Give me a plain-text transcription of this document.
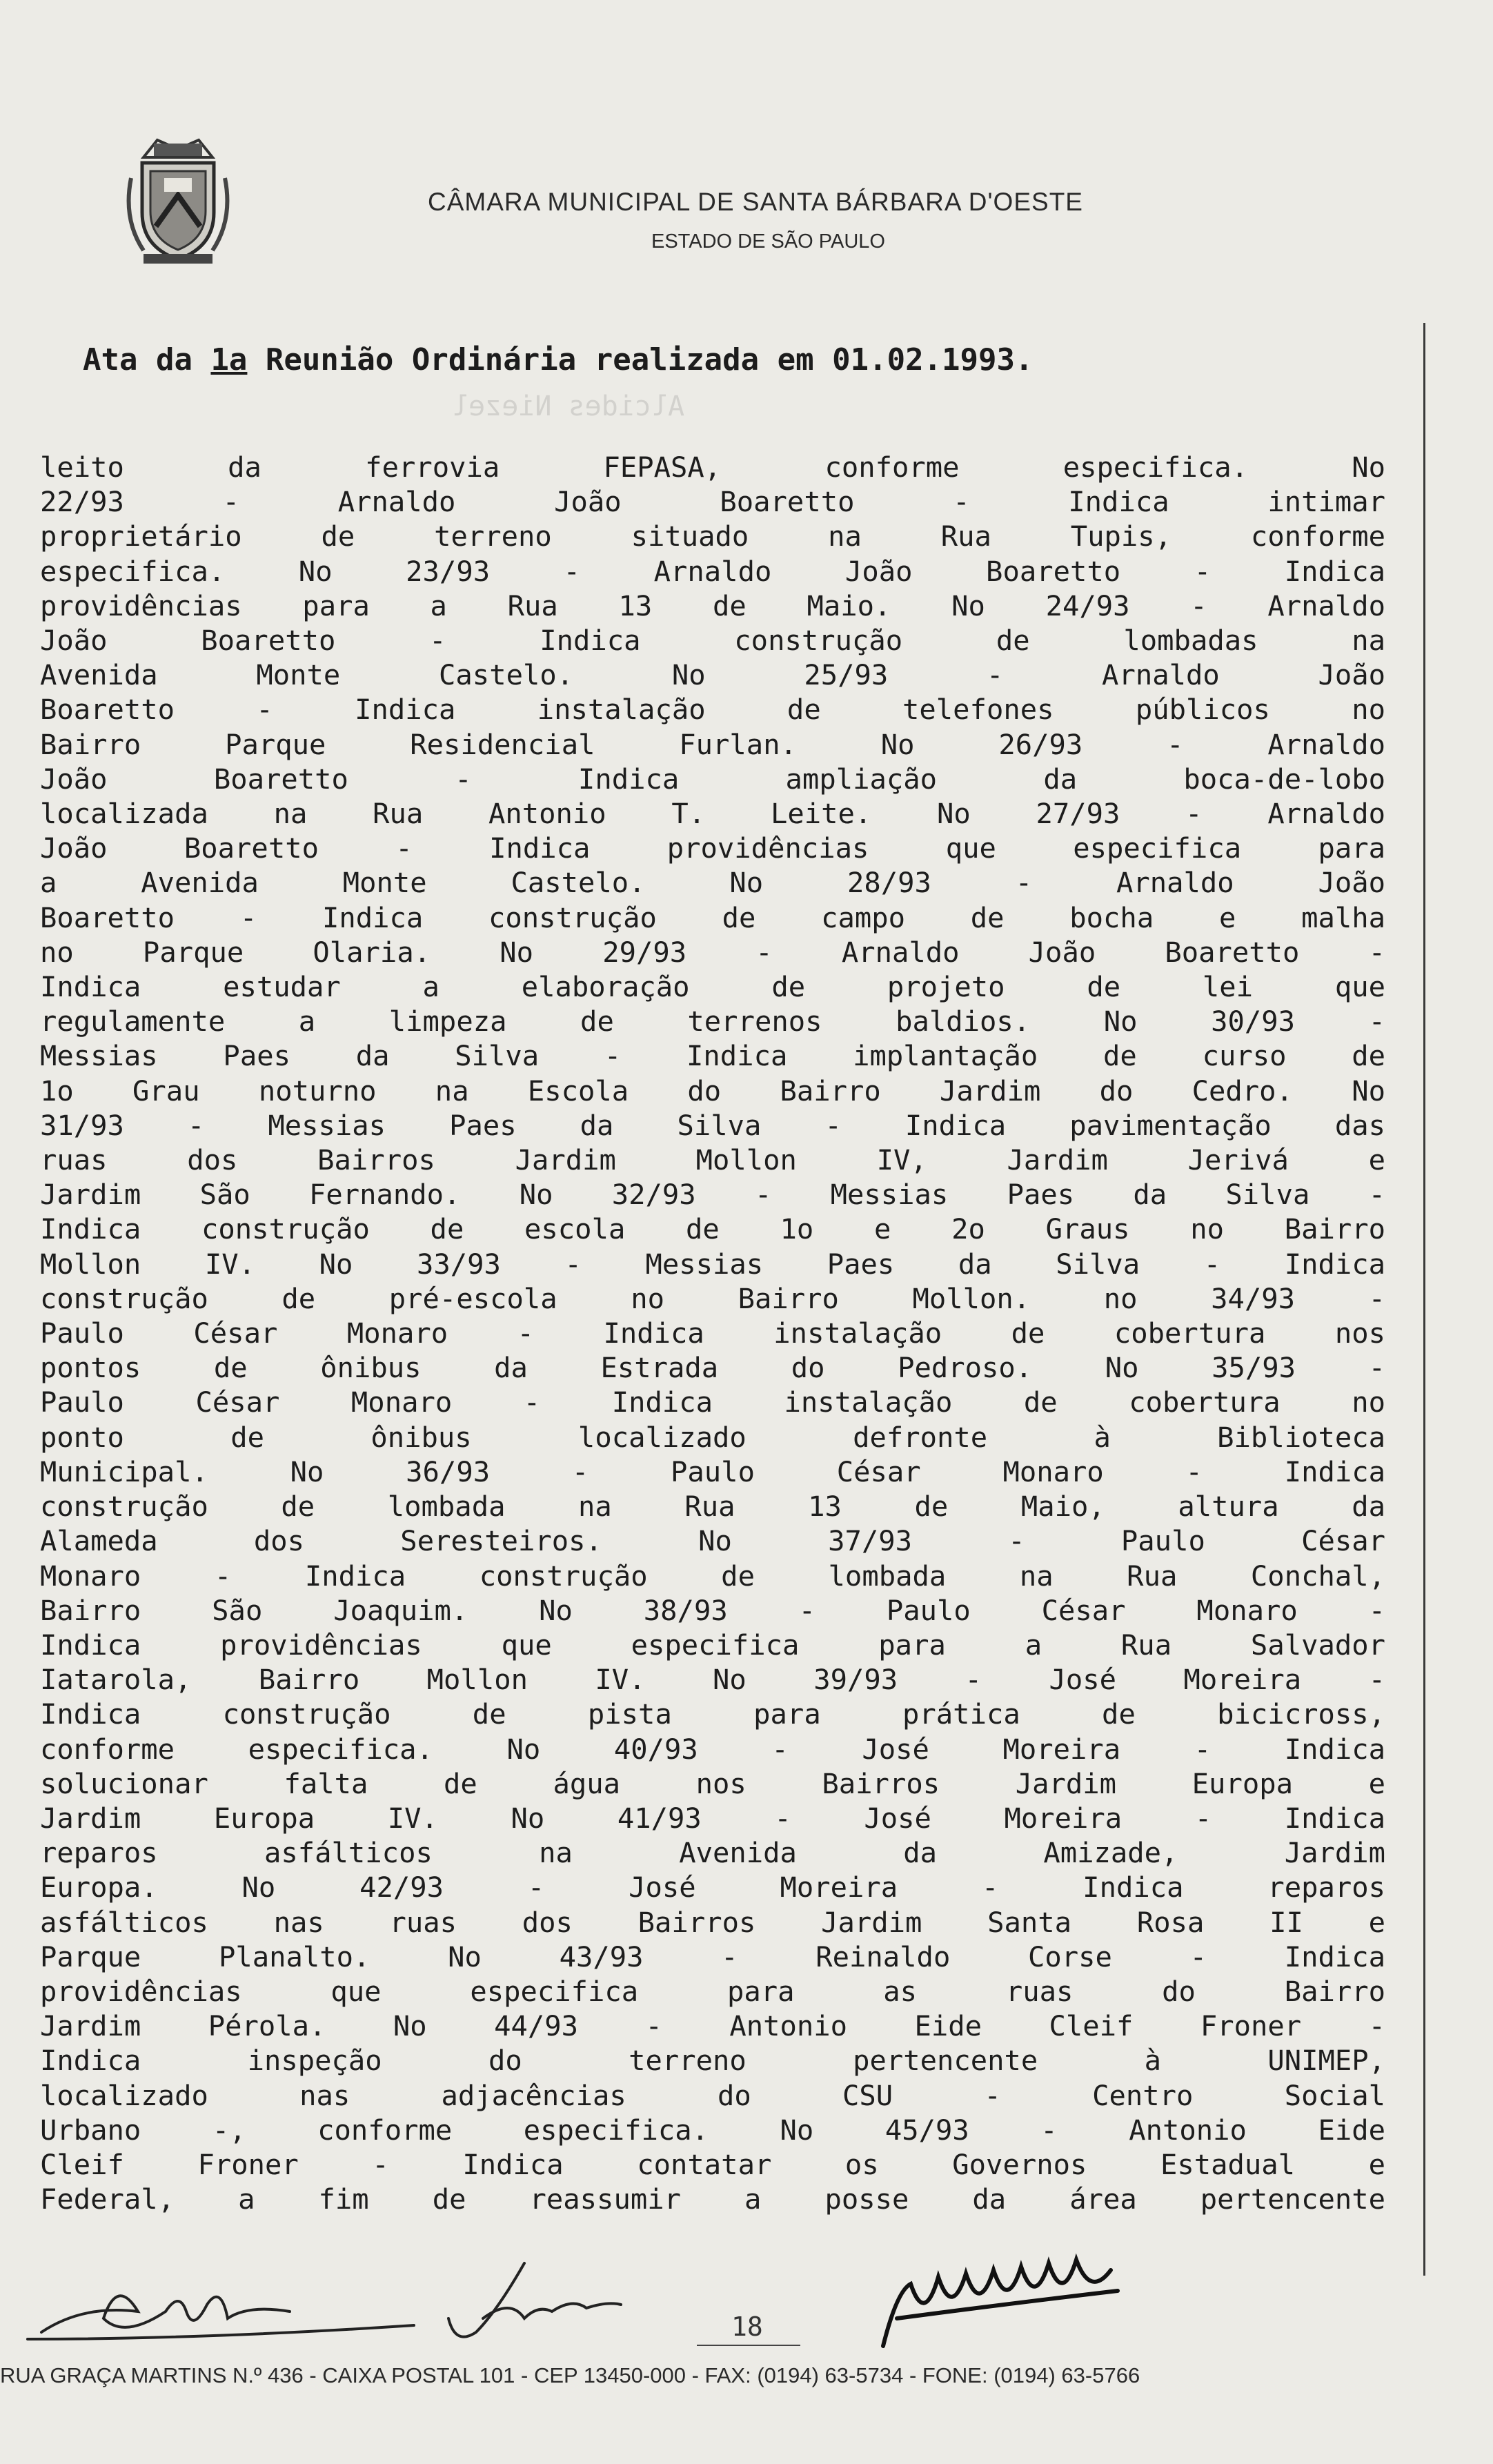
CÂMARA MUNICIPAL DE SANTA BÁRBARA D'OESTE
ESTADO DE SÃO PAULO
Ata da 1a Reunião Ordinária realizada em 01.02.1993.
Alcides Niezel
leito da ferrovia FEPASA, conforme especifica. No
22/93 - Arnaldo João Boaretto - Indica intimar
proprietário de terreno situado na Rua Tupis, conforme
especifica. No 23/93 - Arnaldo João Boaretto - Indica
providências para a Rua 13 de Maio. No 24/93 - Arnaldo
João Boaretto - Indica construção de lombadas na
Avenida Monte Castelo. No 25/93 - Arnaldo João
Boaretto - Indica instalação de telefones públicos no
Bairro Parque Residencial Furlan. No 26/93 - Arnaldo
João Boaretto - Indica ampliação da boca-de-lobo
localizada na Rua Antonio T. Leite. No 27/93 - Arnaldo
João Boaretto - Indica providências que especifica para
a Avenida Monte Castelo. No 28/93 - Arnaldo João
Boaretto - Indica construção de campo de bocha e malha
no Parque Olaria. No 29/93 - Arnaldo João Boaretto -
Indica estudar a elaboração de projeto de lei que
regulamente a limpeza de terrenos baldios. No 30/93 -
Messias Paes da Silva - Indica implantação de curso de
1o Grau noturno na Escola do Bairro Jardim do Cedro. No
31/93 - Messias Paes da Silva - Indica pavimentação das
ruas dos Bairros Jardim Mollon IV, Jardim Jerivá e
Jardim São Fernando. No 32/93 - Messias Paes da Silva -
Indica construção de escola de 1o e 2o Graus no Bairro
Mollon IV. No 33/93 - Messias Paes da Silva - Indica
construção de pré-escola no Bairro Mollon. no 34/93 -
Paulo César Monaro - Indica instalação de cobertura nos
pontos de ônibus da Estrada do Pedroso. No 35/93 -
Paulo César Monaro - Indica instalação de cobertura no
ponto de ônibus localizado defronte à Biblioteca
Municipal. No 36/93 - Paulo César Monaro - Indica
construção de lombada na Rua 13 de Maio, altura da
Alameda dos Seresteiros. No 37/93 - Paulo César
Monaro - Indica construção de lombada na Rua Conchal,
Bairro São Joaquim. No 38/93 - Paulo César Monaro -
Indica providências que especifica para a Rua Salvador
Iatarola, Bairro Mollon IV. No 39/93 - José Moreira -
Indica construção de pista para prática de bicicross,
conforme especifica. No 40/93 - José Moreira - Indica
solucionar falta de água nos Bairros Jardim Europa e
Jardim Europa IV. No 41/93 - José Moreira - Indica
reparos asfálticos na Avenida da Amizade, Jardim
Europa. No 42/93 - José Moreira - Indica reparos
asfálticos nas ruas dos Bairros Jardim Santa Rosa II e
Parque Planalto. No 43/93 - Reinaldo Corse - Indica
providências que especifica para as ruas do Bairro
Jardim Pérola. No 44/93 - Antonio Eide Cleif Froner -
Indica inspeção do terreno pertencente à UNIMEP,
localizado nas adjacências do CSU - Centro Social
Urbano -, conforme especifica. No 45/93 - Antonio Eide
Cleif Froner - Indica contatar os Governos Estadual e
Federal, a fim de reassumir a posse da área pertencente
18
RUA GRAÇA MARTINS N.º 436 - CAIXA POSTAL 101 - CEP 13450-000 - FAX: (0194) 63-5734 - FONE: (0194) 63-5766
